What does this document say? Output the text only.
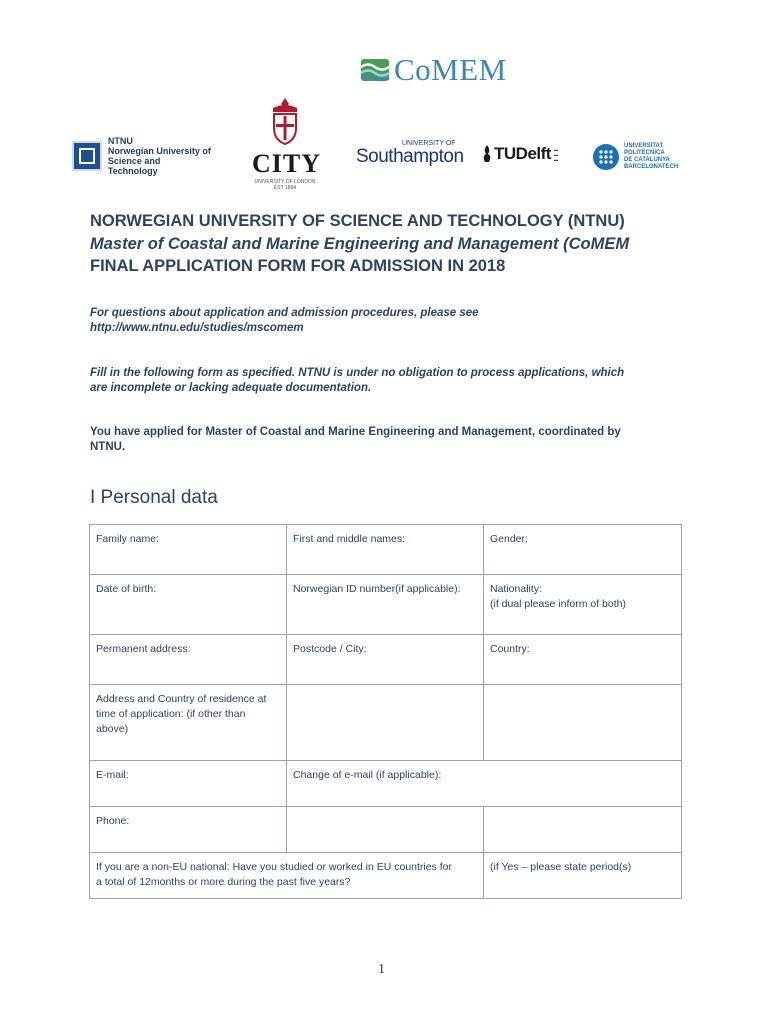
CoMEM
NTNU
Norwegian University of
Science and Technology	CITY
UNIVERSITY OF LONDON
EST 1894
UNIVERSITY OF
Southampton TUDelft ▬
▬
▬
UNIVERSITAT POLITÈCNICA
DE CATALUNYA
BARCELONATECH
NORWEGIAN UNIVERSITY OF SCIENCE AND TECHNOLOGY (NTNU)
Master of Coastal and Marine Engineering and Management (CoMEM
FINAL APPLICATION FORM FOR ADMISSION IN 2018
For questions about application and admission procedures, please see
http://www.ntnu.edu/studies/mscomem
Fill in the following form as specified. NTNU is under no obligation to process applications, which
are incomplete or lacking adequate documentation.
You have applied for Master of Coastal and Marine Engineering and Management, coordinated by
NTNU.
I Personal data
Family name:	First and middle names:	Gender:
Date of birth:	Norwegian ID number(if applicable):	Nationality:
(if dual please inform of both)

Permanent address:	Postcode / City:	Country:

Address and Country of residence at
time of application: (if other than
above)		

E-mail:	Change of e-mail (if applicable):	
Phone:		

If you are a non-EU national: Have you studied or worked in EU countries for
a total of 12months or more during the past five years?		(if Yes – please state period(s)
1
